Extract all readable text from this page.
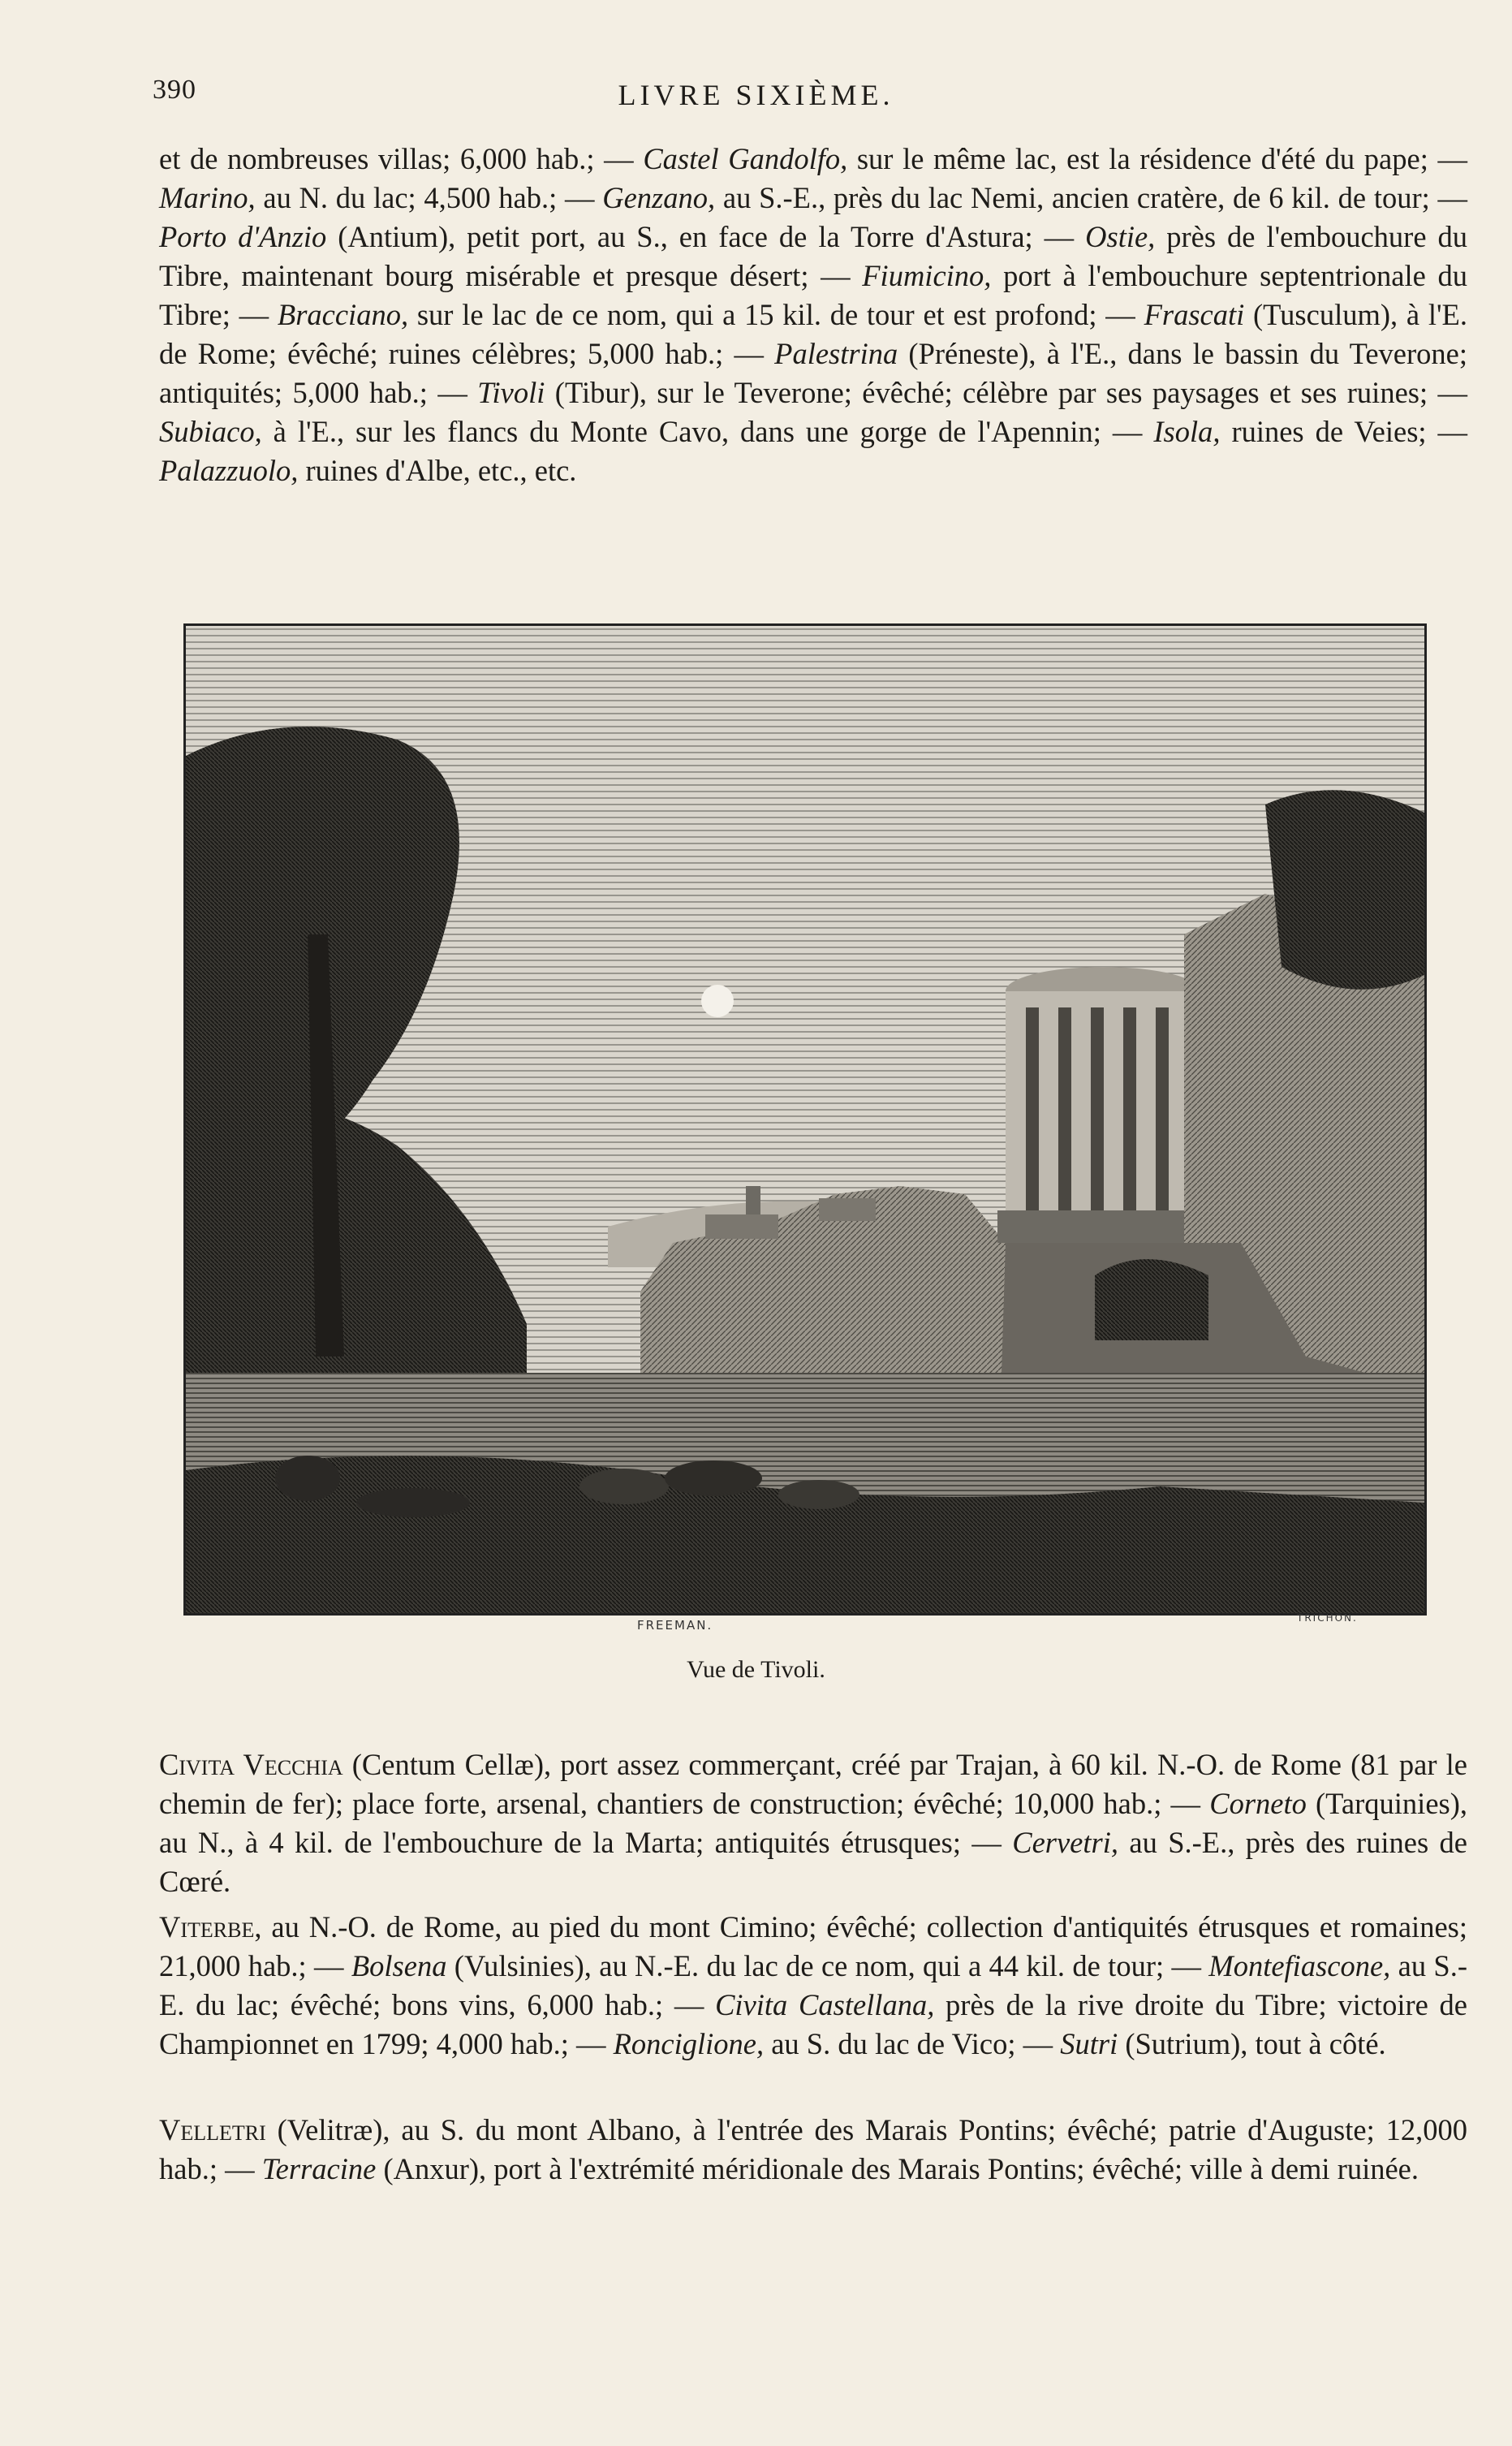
390	LIVRE SIXIÈME.

et de nombreuses villas; 6,000 hab.; — Castel Gandolfo, sur le même lac, est la résidence d'été du pape; — Marino, au N. du lac; 4,500 hab.; — Genzano, au S.-E., près du lac Nemi, ancien cratère, de 6 kil. de tour; — Porto d'Anzio (Antium), petit port, au S., en face de la Torre d'Astura; — Ostie, près de l'embouchure du Tibre, maintenant bourg misérable et presque désert; — Fiumicino, port à l'embouchure septentrionale du Tibre; — Bracciano, sur le lac de ce nom, qui a 15 kil. de tour et est profond; — Frascati (Tusculum), à l'E. de Rome; évêché; ruines célèbres; 5,000 hab.; — Palestrina (Préneste), à l'E., dans le bassin du Teverone; antiquités; 5,000 hab.; — Tivoli (Tibur), sur le Teverone; évêché; célèbre par ses paysages et ses ruines; — Subiaco, à l'E., sur les flancs du Monte Cavo, dans une gorge de l'Apennin; — Isola, ruines de Veies; — Palazzuolo, ruines d'Albe, etc., etc.

FREEMAN.	TRICHON.
Vue de Tivoli.

Civita Vecchia (Centum Cellæ), port assez commerçant, créé par Trajan, à 60 kil. N.-O. de Rome (81 par le chemin de fer); place forte, arsenal, chantiers de construction; évêché; 10,000 hab.; — Corneto (Tarquinies), au N., à 4 kil. de l'embouchure de la Marta; antiquités étrusques; — Cervetri, au S.-E., près des ruines de Cœré.

Viterbe, au N.-O. de Rome, au pied du mont Cimino; évêché; collection d'antiquités étrusques et romaines; 21,000 hab.; — Bolsena (Vulsinies), au N.-E. du lac de ce nom, qui a 44 kil. de tour; — Montefiascone, au S.-E. du lac; évêché; bons vins, 6,000 hab.; — Civita Castellana, près de la rive droite du Tibre; victoire de Championnet en 1799; 4,000 hab.; — Ronciglione, au S. du lac de Vico; — Sutri (Sutrium), tout à côté.

Velletri (Velitræ), au S. du mont Albano, à l'entrée des Marais Pontins; évêché; patrie d'Auguste; 12,000 hab.; — Terracine (Anxur), port à l'extrémité méridionale des Marais Pontins; évêché; ville à demi ruinée.
